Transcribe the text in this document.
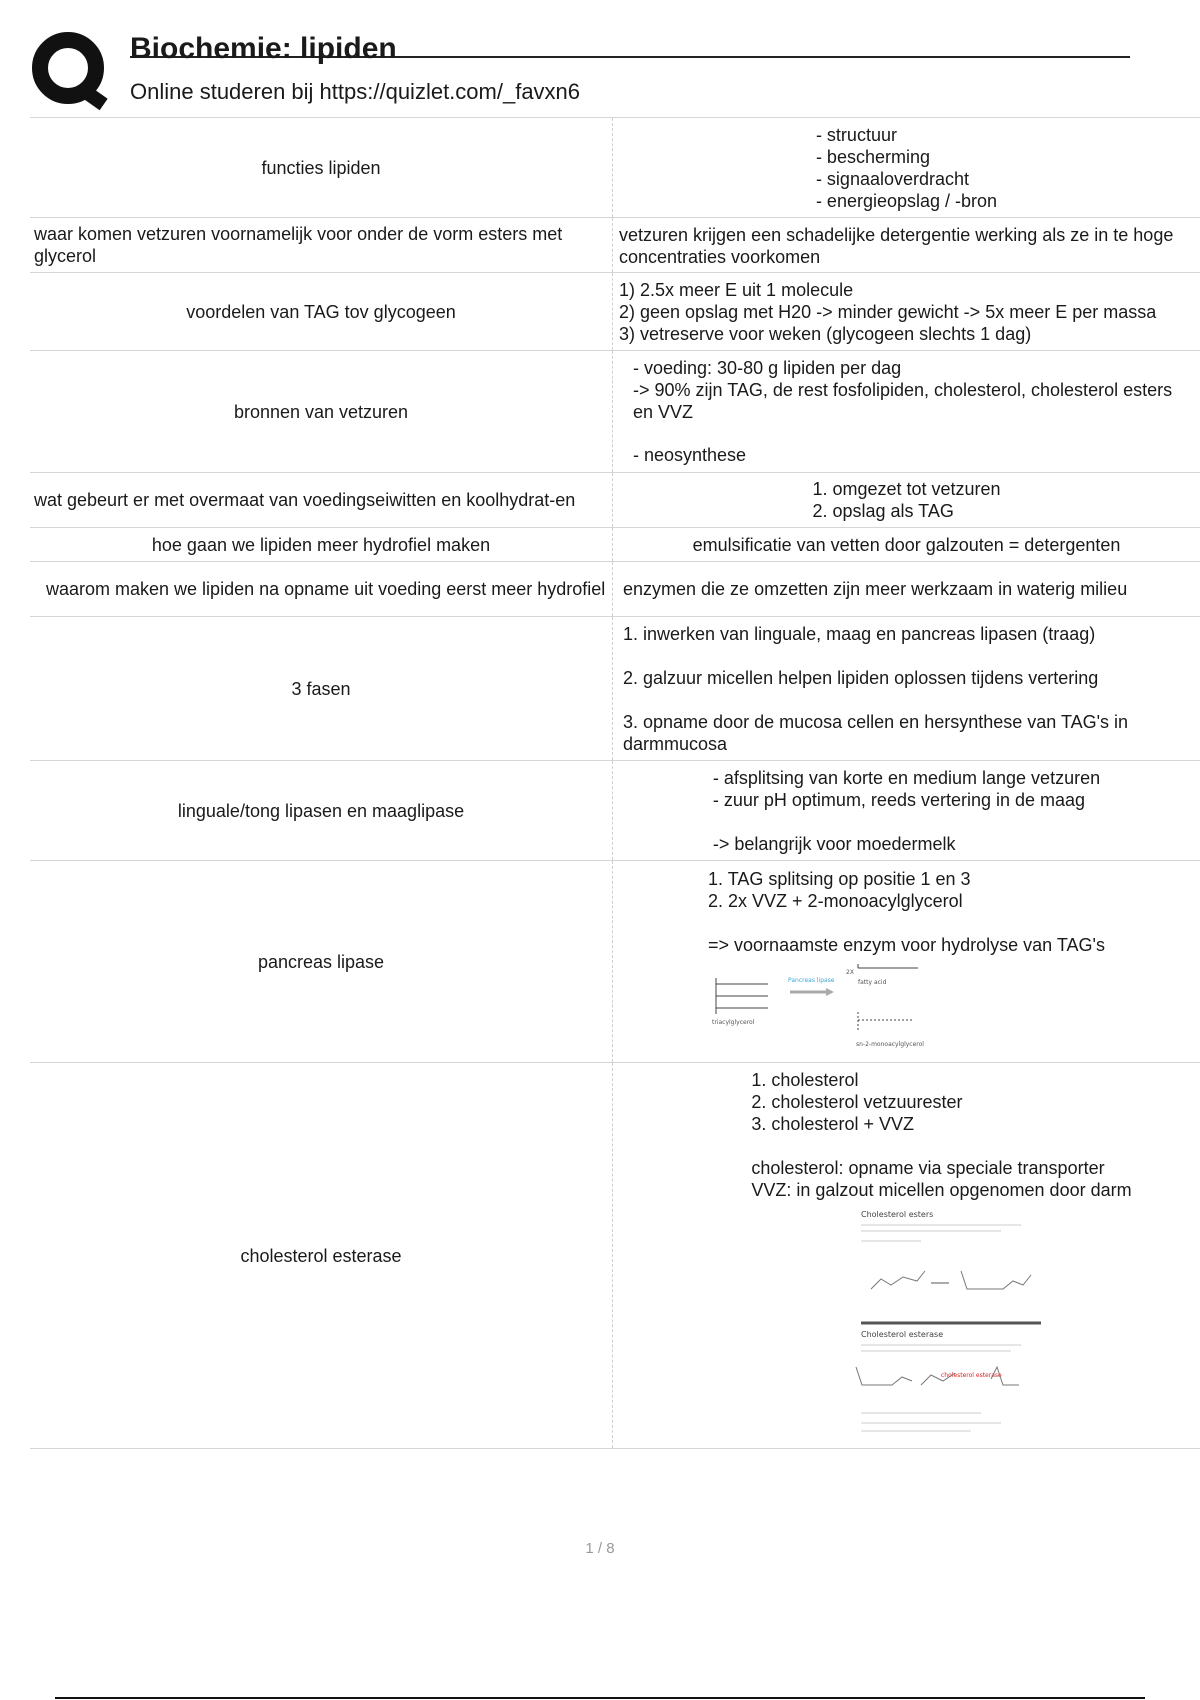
Biochemie: lipiden

Online studeren bij https://quizlet.com/_favxn6

functies lipiden
- structuur
- bescherming
- signaaloverdracht
- energieopslag / -bron
waar komen vetzuren voornamelijk voor onder de vorm esters met glycerol
vetzuren krijgen een schadelijke detergentie werking als ze in te hoge concentraties voorkomen
voordelen van TAG tov glycogeen
1) 2.5x meer E uit 1 molecule
2) geen opslag met H20 -> minder gewicht -> 5x meer E per massa
3) vetreserve voor weken (glycogeen slechts 1 dag)
bronnen van vetzuren
- voeding: 30-80 g lipiden per dag
-> 90% zijn TAG, de rest fosfolipiden, cholesterol, cholesterol esters en VVZ
- neosynthese
wat gebeurt er met overmaat van voedingseiwitten en koolhydrat-en
1. omgezet tot vetzuren
2. opslag als TAG
hoe gaan we lipiden meer hydrofiel maken	emulsificatie van vetten door galzouten = detergenten
waarom maken we lipiden na opname uit voeding eerst meer hydrofiel enzymen die ze omzetten zijn meer werkzaam in waterig milieu
3 fasen
1. inwerken van linguale, maag en pancreas lipasen (traag)
2. galzuur micellen helpen lipiden oplossen tijdens vertering
3. opname door de mucosa cellen en hersynthese van TAG's in darmmucosa
linguale/tong lipasen en maaglipase
- afsplitsing van korte en medium lange vetzuren
- zuur pH optimum, reeds vertering in de maag
-> belangrijk voor moedermelk
pancreas lipase
1. TAG splitsing op positie 1 en 3
2. 2x VVZ + 2-monoacylglycerol
=> voornaamste enzym voor hydrolyse van TAG's
triacylglycerol
Pancreas lipase
2X
fatty acid
sn-2-monoacylglycerol
cholesterol esterase
1. cholesterol
2. cholesterol vetzuurester
3. cholesterol + VVZ
cholesterol: opname via speciale transporter
VVZ: in galzout micellen opgenomen door darm
Cholesterol esters
Cholesterol esterase
cholesterol esterase
1 / 8
